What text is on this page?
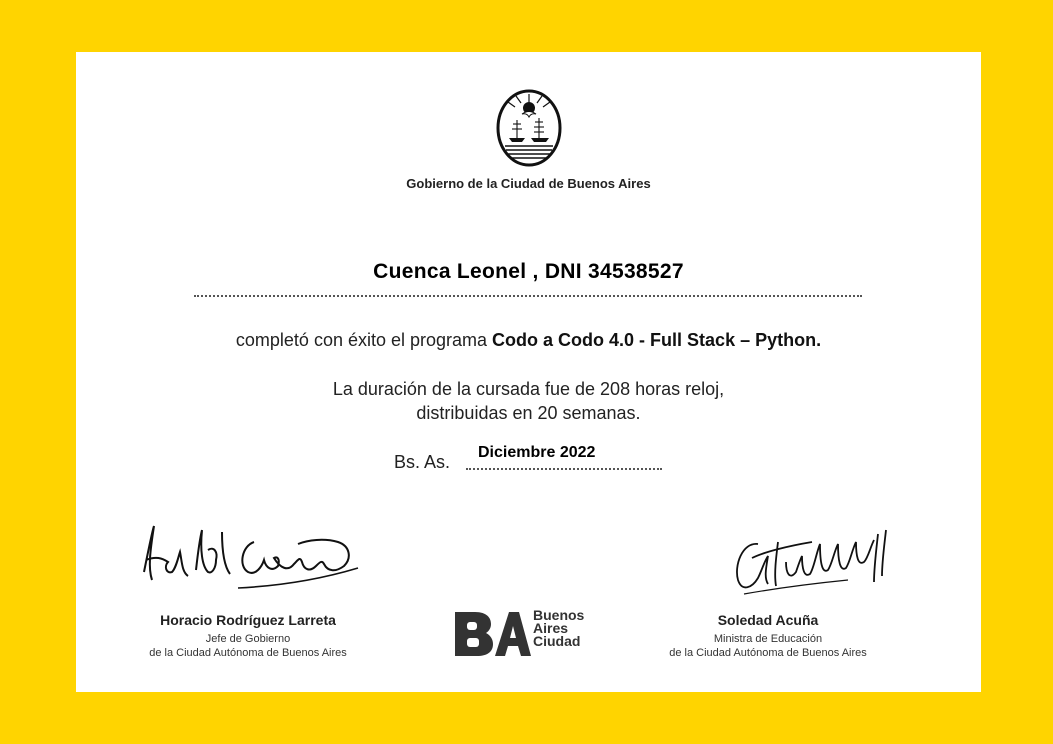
Gobierno de la Ciudad de Buenos Aires
Cuenca Leonel , DNI 34538527
completó con éxito el programa Codo a Codo 4.0 - Full Stack – Python.
La duración de la cursada fue de 208 horas reloj,
distribuidas en 20 semanas.
Bs. As. Diciembre 2022
Horacio Rodríguez Larreta
Jefe de Gobierno
de la Ciudad Autónoma de Buenos Aires
Buenos
Aires
Ciudad
Soledad Acuña
Ministra de Educación
de la Ciudad Autónoma de Buenos Aires
